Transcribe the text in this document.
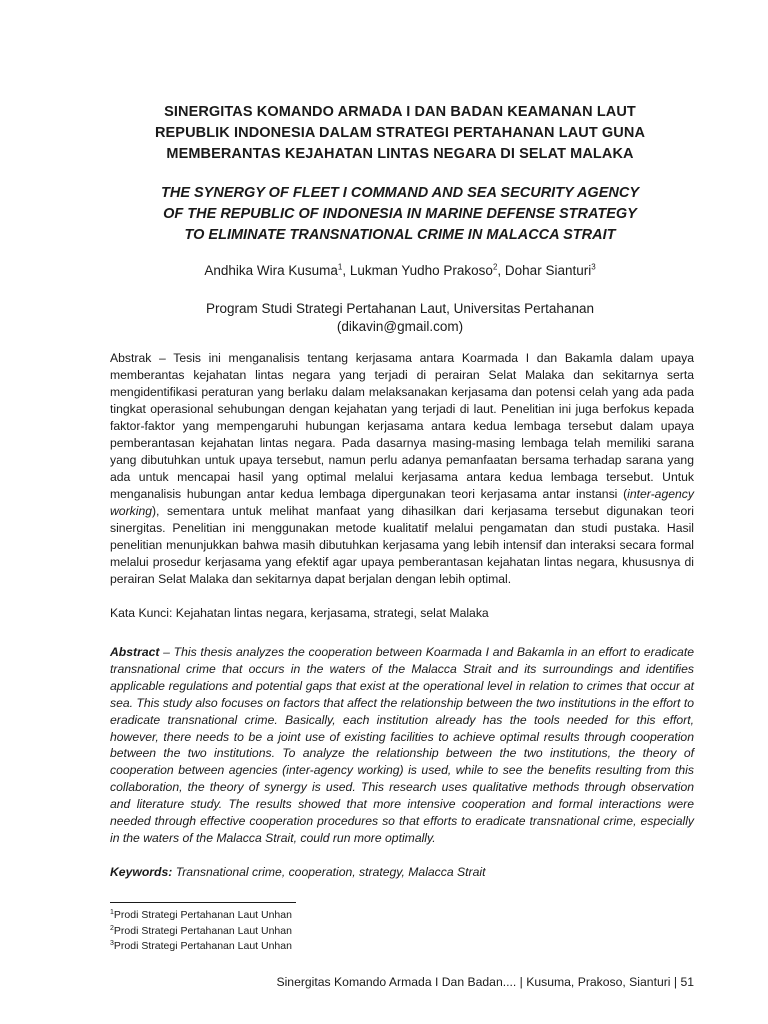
SINERGITAS KOMANDO ARMADA I DAN BADAN KEAMANAN LAUT
REPUBLIK INDONESIA DALAM STRATEGI PERTAHANAN LAUT GUNA
MEMBERANTAS KEJAHATAN LINTAS NEGARA DI SELAT MALAKA
THE SYNERGY OF FLEET I COMMAND AND SEA SECURITY AGENCY
OF THE REPUBLIC OF INDONESIA IN MARINE DEFENSE STRATEGY
TO ELIMINATE TRANSNATIONAL CRIME IN MALACCA STRAIT
Andhika Wira Kusuma$^1$, Lukman Yudho Prakoso$^2$, Dohar Sianturi$^3$
Program Studi Strategi Pertahanan Laut, Universitas Pertahanan
(dikavin@gmail.com)

Abstrak – Tesis ini menganalisis tentang kerjasama antara Koarmada I dan Bakamla dalam upaya memberantas kejahatan lintas negara yang terjadi di perairan Selat Malaka dan sekitarnya serta mengidentifikasi peraturan yang berlaku dalam melaksanakan kerjasama dan potensi celah yang ada pada tingkat operasional sehubungan dengan kejahatan yang terjadi di laut. Penelitian ini juga berfokus kepada faktor-faktor yang mempengaruhi hubungan kerjasama antara kedua lembaga tersebut dalam upaya pemberantasan kejahatan lintas negara. Pada dasarnya masing-masing lembaga telah memiliki sarana yang dibutuhkan untuk upaya tersebut, namun perlu adanya pemanfaatan bersama terhadap sarana yang ada untuk mencapai hasil yang optimal melalui kerjasama antara kedua lembaga tersebut. Untuk menganalisis hubungan antar kedua lembaga dipergunakan teori kerjasama antar instansi (inter-agency working), sementara untuk melihat manfaat yang dihasilkan dari kerjasama tersebut digunakan teori sinergitas. Penelitian ini menggunakan metode kualitatif melalui pengamatan dan studi pustaka. Hasil penelitian menunjukkan bahwa masih dibutuhkan kerjasama yang lebih intensif dan interaksi secara formal melalui prosedur kerjasama yang efektif agar upaya pemberantasan kejahatan lintas negara, khususnya di perairan Selat Malaka dan sekitarnya dapat berjalan dengan lebih optimal.

Kata Kunci: Kejahatan lintas negara, kerjasama, strategi, selat Malaka

Abstract – This thesis analyzes the cooperation between Koarmada I and Bakamla in an effort to eradicate transnational crime that occurs in the waters of the Malacca Strait and its surroundings and identifies applicable regulations and potential gaps that exist at the operational level in relation to crimes that occur at sea. This study also focuses on factors that affect the relationship between the two institutions in the effort to eradicate transnational crime. Basically, each institution already has the tools needed for this effort, however, there needs to be a joint use of existing facilities to achieve optimal results through cooperation between the two institutions. To analyze the relationship between the two institutions, the theory of cooperation between agencies (inter-agency working) is used, while to see the benefits resulting from this collaboration, the theory of synergy is used. This research uses qualitative methods through observation and literature study. The results showed that more intensive cooperation and formal interactions were needed through effective cooperation procedures so that efforts to eradicate transnational crime, especially in the waters of the Malacca Strait, could run more optimally.

Keywords: Transnational crime, cooperation, strategy, Malacca Strait

$^1$Prodi Strategi Pertahanan Laut Unhan
$^2$Prodi Strategi Pertahanan Laut Unhan
$^3$Prodi Strategi Pertahanan Laut Unhan
Sinergitas Komando Armada I Dan Badan.... | Kusuma, Prakoso, Sianturi | 51
